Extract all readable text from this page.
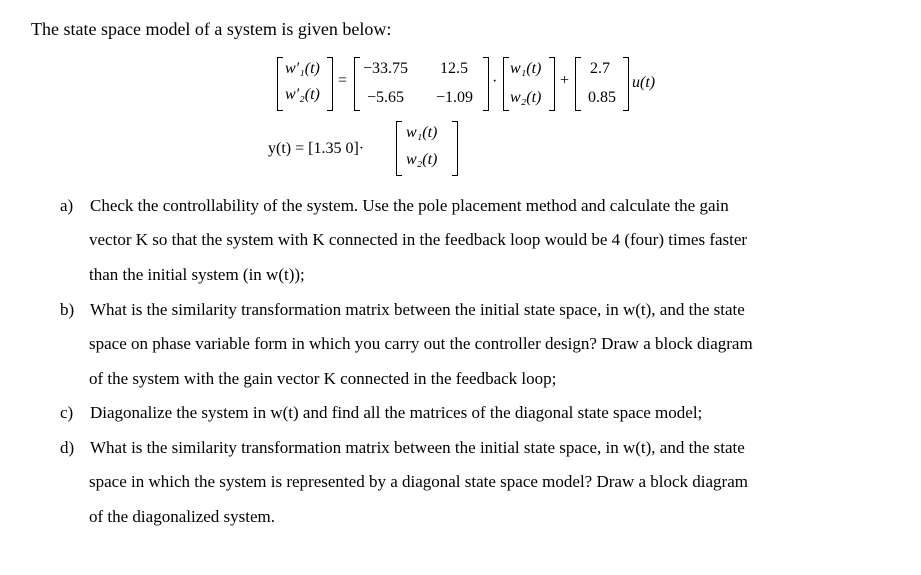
The state space model of a system is given below:
w′₁(t)
w′₂(t)
=
−33.75 12.5
−5.65 −1.09
·
w₁(t)
w₂(t)
+
2.7
0.85
u(t)
y(t) = [1.35 0]·
w₁(t)
w₂(t)
a) Check the controllability of the system. Use the pole placement method and calculate the gain
vector K so that the system with K connected in the feedback loop would be 4 (four) times faster
than the initial system (in w(t));
b) What is the similarity transformation matrix between the initial state space, in w(t), and the state
space on phase variable form in which you carry out the controller design? Draw a block diagram
of the system with the gain vector K connected in the feedback loop;
c) Diagonalize the system in w(t) and find all the matrices of the diagonal state space model;
d) What is the similarity transformation matrix between the initial state space, in w(t), and the state
space in which the system is represented by a diagonal state space model? Draw a block diagram
of the diagonalized system.
